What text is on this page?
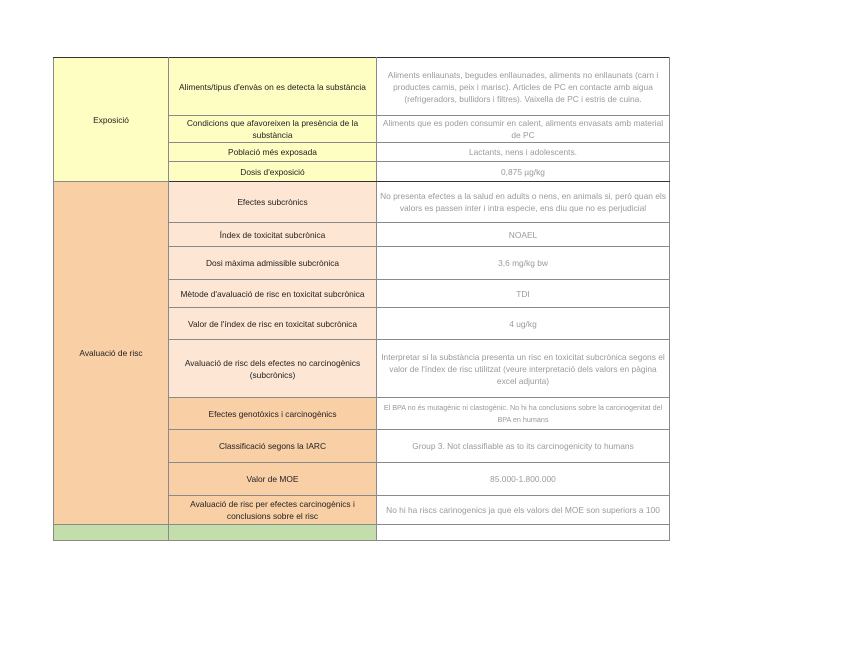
Exposició	Aliments/tipus d'envàs on es detecta la substància	Aliments enllaunats, begudes enllaunades, aliments no enllaunats (carn i productes carnis, peix i marisc). Articles de PC en contacte amb aigua (refrigeradors, bullidors i filtres). Vaixella de PC i estris de cuina.
	Condicions que afavoreixen la presència de la substància	Aliments que es poden consumir en calent, aliments envasats amb material de PC
	Població més exposada	Lactants, nens i adolescents.
	Dosis d'exposició	0,875 µg/kg
Avaluació de risc	Efectes subcrònics	No presenta efectes a la salud en adults o nens, en animals si, però quan els valors es passen inter i intra especie, ens diu que no es perjudicial
	Índex de toxicitat subcrònica	NOAEL
	Dosi màxima admissible subcrònica	3,6 mg/kg bw
	Mètode d'avaluació de risc en toxicitat subcrònica	TDI
	Valor de l'índex de risc en toxicitat subcrònica	4 ug/kg
	Avaluació de risc dels efectes no carcinogènics (subcrònics)	Interpretar si la substància presenta un risc en toxicitat subcrònica segons el valor de l'índex de risc utilitzat (veure interpretació dels valors en pàgina excel adjunta)
	Efectes genotòxics i carcinogènics	El BPA no és mutagènic ni clastogènic. No hi ha conclusions sobre la carcinogenitat del BPA en humans
	Classificació segons la IARC	Group 3. Not classifiable as to its carcinogenicity to humans
	Valor de MOE	85.000-1.800.000
	Avaluació de risc per efectes carcinogènics i conclusions sobre el risc	No hi ha riscs carinogenics ja que els valors del MOE son superiors a 100
